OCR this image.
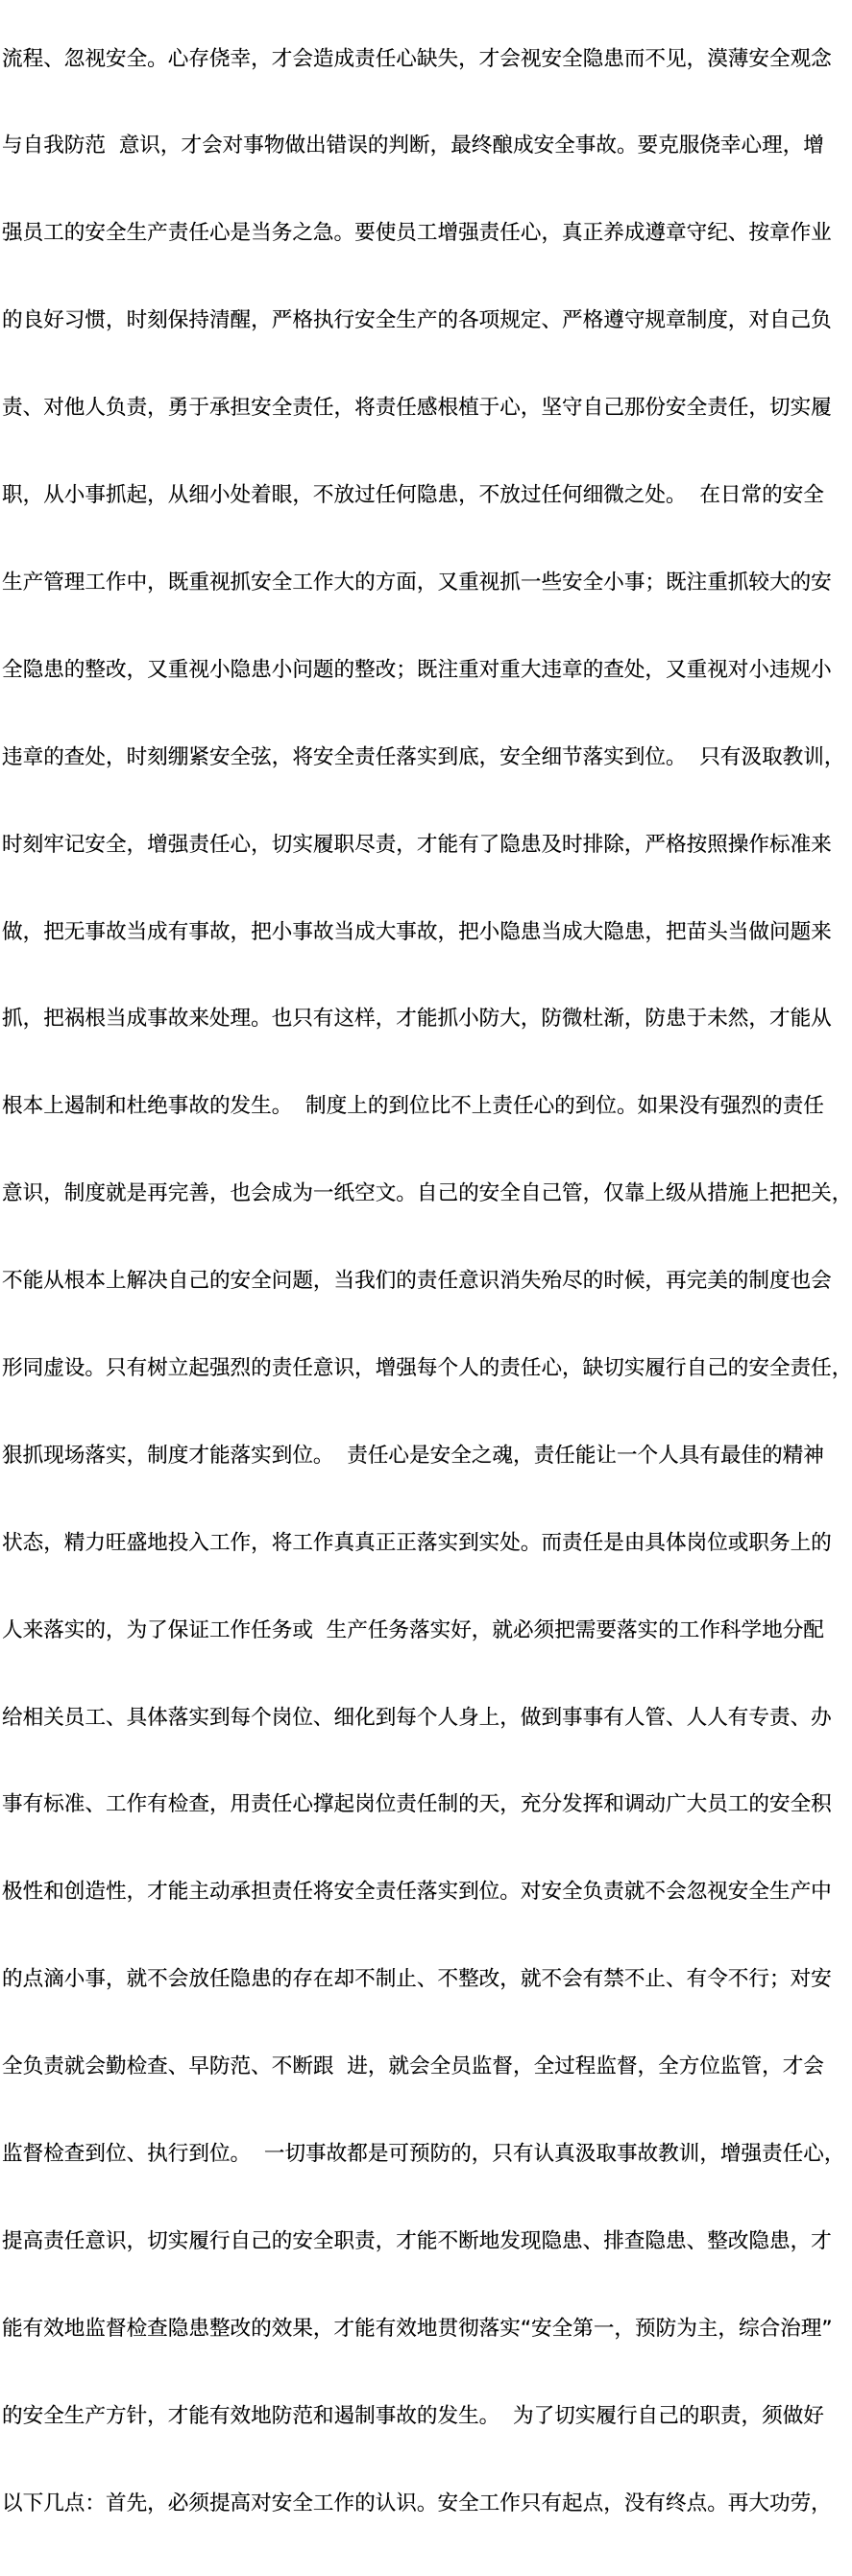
流程、忽视安全。心存侥幸，才会造成责任心缺失，才会视安全隐患而不见，漠薄安全观念

与自我防范  意识，才会对事物做出错误的判断，最终酿成安全事故。要克服侥幸心理，增

强员工的安全生产责任心是当务之急。要使员工增强责任心，真正养成遵章守纪、按章作业

的良好习惯，时刻保持清醒，严格执行安全生产的各项规定、严格遵守规章制度，对自己负

责、对他人负责，勇于承担安全责任，将责任感根植于心，坚守自己那份安全责任，切实履

职，从小事抓起，从细小处着眼，不放过任何隐患，不放过任何细微之处。  在日常的安全

生产管理工作中，既重视抓安全工作大的方面，又重视抓一些安全小事；既注重抓较大的安

全隐患的整改，又重视小隐患小问题的整改；既注重对重大违章的查处，又重视对小违规小

违章的查处，时刻绷紧安全弦，将安全责任落实到底，安全细节落实到位。  只有汲取教训，

时刻牢记安全，增强责任心，切实履职尽责，才能有了隐患及时排除，严格按照操作标准来

做，把无事故当成有事故，把小事故当成大事故，把小隐患当成大隐患，把苗头当做问题来

抓，把祸根当成事故来处理。也只有这样，才能抓小防大，防微杜渐，防患于未然，才能从

根本上遏制和杜绝事故的发生。  制度上的到位比不上责任心的到位。如果没有强烈的责任

意识，制度就是再完善，也会成为一纸空文。自己的安全自己管，仅靠上级从措施上把把关，

不能从根本上解决自己的安全问题，当我们的责任意识消失殆尽的时候，再完美的制度也会

形同虚设。只有树立起强烈的责任意识，增强每个人的责任心，缺切实履行自己的安全责任，

狠抓现场落实，制度才能落实到位。  责任心是安全之魂，责任能让一个人具有最佳的精神

状态，精力旺盛地投入工作，将工作真真正正落实到实处。而责任是由具体岗位或职务上的

人来落实的，为了保证工作任务或  生产任务落实好，就必须把需要落实的工作科学地分配

给相关员工、具体落实到每个岗位、细化到每个人身上，做到事事有人管、人人有专责、办

事有标准、工作有检查，用责任心撑起岗位责任制的天，充分发挥和调动广大员工的安全积

极性和创造性，才能主动承担责任将安全责任落实到位。对安全负责就不会忽视安全生产中

的点滴小事，就不会放任隐患的存在却不制止、不整改，就不会有禁不止、有令不行；对安

全负责就会勤检查、早防范、不断跟  进，就会全员监督，全过程监督，全方位监管，才会

监督检查到位、执行到位。  一切事故都是可预防的，只有认真汲取事故教训，增强责任心，

提高责任意识，切实履行自己的安全职责，才能不断地发现隐患、排查隐患、整改隐患，才

能有效地监督检查隐患整改的效果，才能有效地贯彻落实“安全第一，预防为主，综合治理”

的安全生产方针，才能有效地防范和遏制事故的发生。  为了切实履行自己的职责，须做好

以下几点：首先，必须提高对安全工作的认识。安全工作只有起点，没有终点。再大功劳，
